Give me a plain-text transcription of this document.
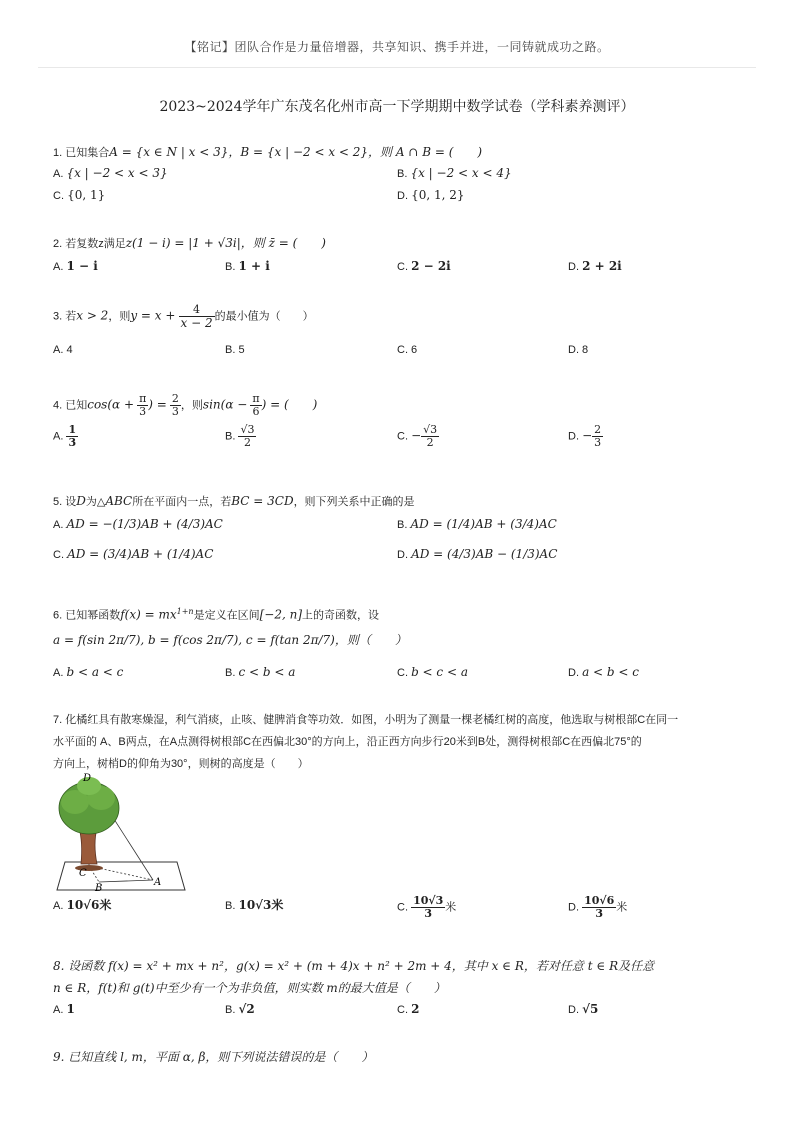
【铭记】团队合作是力量倍增器，共享知识、携手并进，一同铸就成功之路。
2023~2024学年广东茂名化州市高一下学期期中数学试卷（学科素养测评）
1. 已知集合A = {x ∈ N | x < 3}，B = {x | −2 < x < 2}，则 A ∩ B = (　　)
A. {x | −2 < x < 3}	B. {x | −2 < x < 4}
C. {0, 1}	D. {0, 1, 2}
2. 若复数z满足z(1 − i) = |1 + √3i|，则 z̄ = (　　)
A. 1 − i	B. 1 + i	C. 2 − 2i	D. 2 + 2i
3. 若x > 2，则$y = x + \frac{4}{x - 2}$ 的最小值为（　　）
A. 4	B. 5	C. 6	D. 8
4. 已知$\cos(\alpha + \frac{\pi}{3}$ ) = $\frac{2}{3}$ ，则$\sin(\alpha - \frac{\pi}{6}$ ) = (　　)
A. $\frac{1}{3}$	B. $\frac{√3}{2}$	C. − $\frac{√3}{2}$	D. − $\frac{2}{3}$
5. 设D为△ABC所在平面内一点，若BC = 3CD，则下列关系中正确的是
A. AD = −(1/3)AB + (4/3)AC	B. AD = (1/4)AB + (3/4)AC
C. AD = (3/4)AB + (1/4)AC	D. AD = (4/3)AB − (1/3)AC
6. 已知幂函数$f(x) = mx^{1+n}$是定义在区间[−2, n]上的奇函数，设
a = f(sin 2π/7), b = f(cos 2π/7), c = f(tan 2π/7)，则（　　）
A. b < a < c	B. c < b < a	C. b < c < a	D. a < b < c
7. 化橘红具有散寒燥湿，利气消痰，止咳、健脾消食等功效．如图，小明为了测量一棵老橘红树的高度，他选取与树根部C在同一
水平面的 A、B两点，在A点测得树根部C在西偏北30°的方向上，沿正西方向步行20米到B处，测得树根部C在西偏北75°的
方向上，树梢D的仰角为30°，则树的高度是（　　）
D
C
B
A
A. 10√6米	B. 10√3米	C. $\frac{10√3}{3}$ 米	D. $\frac{10√6}{3}$ 米
8. 设函数 f(x) = x² + mx + n²，g(x) = x² + (m + 4)x + n² + 2m + 4，其中 x ∈ R，若对任意 t ∈ R及任意
n ∈ R，f(t)和 g(t)中至少有一个为非负值，则实数 m的最大值是（　　）
A. 1	B. √2	C. 2	D. √5
9. 已知直线 l, m，平面 α, β，则下列说法错误的是（　　）
